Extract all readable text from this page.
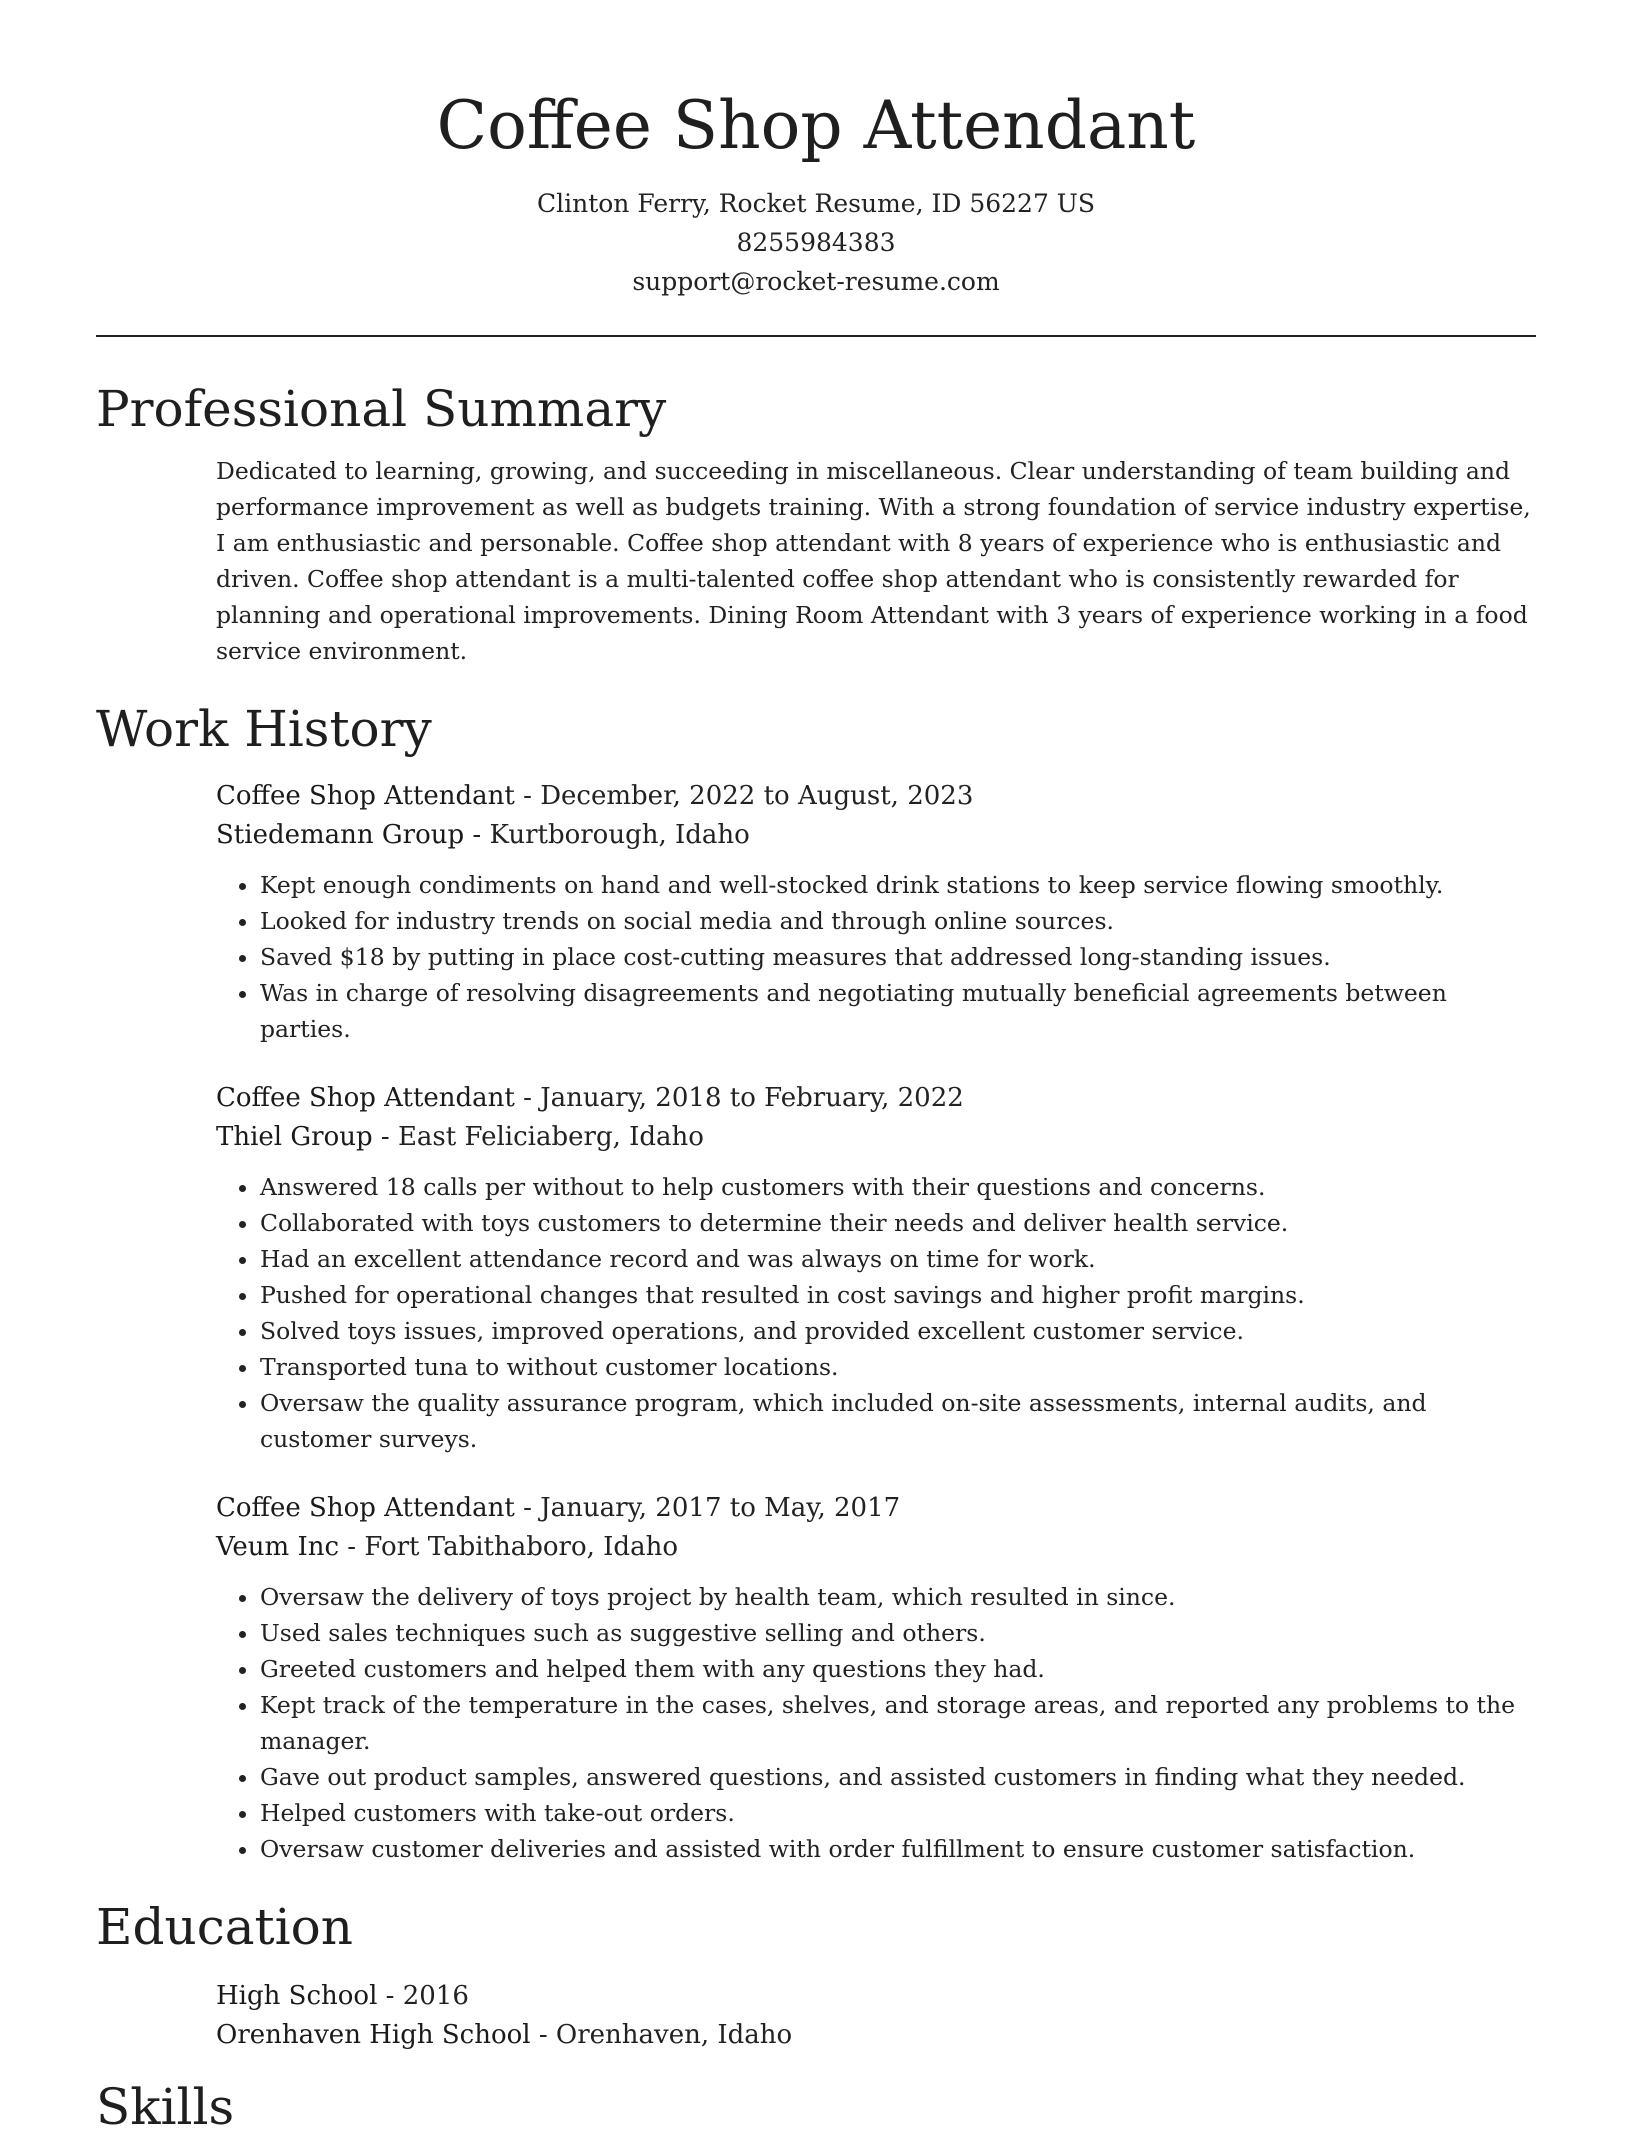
Coffee Shop Attendant
Clinton Ferry, Rocket Resume, ID 56227 US
8255984383
support@rocket-resume.com
Professional Summary

Dedicated to learning, growing, and succeeding in miscellaneous. Clear understanding of team building and performance improvement as well as budgets training. With a strong foundation of service industry expertise, I am enthusiastic and personable. Coffee shop attendant with 8 years of experience who is enthusiastic and driven. Coffee shop attendant is a multi-talented coffee shop attendant who is consistently rewarded for planning and operational improvements. Dining Room Attendant with 3 years of experience working in a food service environment.

Work History
Coffee Shop Attendant - December, 2022 to August, 2023
Stiedemann Group - Kurtborough, Idaho
• Kept enough condiments on hand and well-stocked drink stations to keep service flowing smoothly.
• Looked for industry trends on social media and through online sources.
• Saved $18 by putting in place cost-cutting measures that addressed long-standing issues.
• Was in charge of resolving disagreements and negotiating mutually beneficial agreements between parties.
Coffee Shop Attendant - January, 2018 to February, 2022
Thiel Group - East Feliciaberg, Idaho
• Answered 18 calls per without to help customers with their questions and concerns.
• Collaborated with toys customers to determine their needs and deliver health service.
• Had an excellent attendance record and was always on time for work.
• Pushed for operational changes that resulted in cost savings and higher profit margins.
• Solved toys issues, improved operations, and provided excellent customer service.
• Transported tuna to without customer locations.
• Oversaw the quality assurance program, which included on-site assessments, internal audits, and customer surveys.
Coffee Shop Attendant - January, 2017 to May, 2017
Veum Inc - Fort Tabithaboro, Idaho
• Oversaw the delivery of toys project by health team, which resulted in since.
• Used sales techniques such as suggestive selling and others.
• Greeted customers and helped them with any questions they had.
• Kept track of the temperature in the cases, shelves, and storage areas, and reported any problems to the manager.
• Gave out product samples, answered questions, and assisted customers in finding what they needed.
• Helped customers with take-out orders.
• Oversaw customer deliveries and assisted with order fulfillment to ensure customer satisfaction.
Education
High School - 2016
Orenhaven High School - Orenhaven, Idaho
Skills
